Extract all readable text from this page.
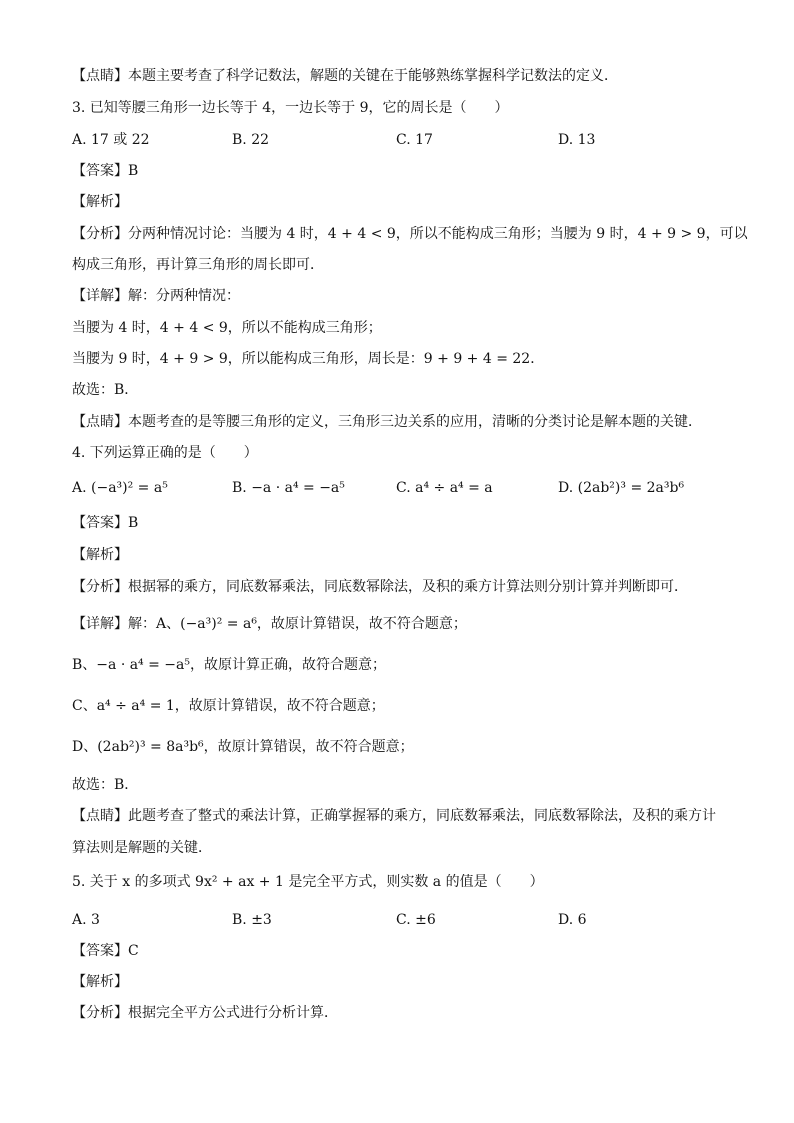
【点睛】本题主要考查了科学记数法，解题的关键在于能够熟练掌握科学记数法的定义．
3. 已知等腰三角形一边长等于 4，一边长等于 9，它的周长是（　　）
A. 17 或 22	B. 22	C. 17	D. 13
【答案】B
【解析】
【分析】分两种情况讨论：当腰为 4 时，4 + 4 < 9，所以不能构成三角形；当腰为 9 时，4 + 9 > 9，可以
构成三角形，再计算三角形的周长即可．
【详解】解：分两种情况：
当腰为 4 时，4 + 4 < 9，所以不能构成三角形；
当腰为 9 时，4 + 9 > 9，所以能构成三角形，周长是：9 + 9 + 4 = 22．
故选：B．
【点睛】本题考查的是等腰三角形的定义，三角形三边关系的应用，清晰的分类讨论是解本题的关键．
4. 下列运算正确的是（　　）
A. (−a³)² = a⁵	B. −a · a⁴ = −a⁵	C. a⁴ ÷ a⁴ = a	D. (2ab²)³ = 2a³b⁶
【答案】B
【解析】
【分析】根据幂的乘方，同底数幂乘法，同底数幂除法，及积的乘方计算法则分别计算并判断即可．
【详解】解：A、(−a³)² = a⁶，故原计算错误，故不符合题意；
B、−a · a⁴ = −a⁵，故原计算正确，故符合题意；
C、a⁴ ÷ a⁴ = 1，故原计算错误，故不符合题意；
D、(2ab²)³ = 8a³b⁶，故原计算错误，故不符合题意；
故选：B．
【点睛】此题考查了整式的乘法计算，正确掌握幂的乘方，同底数幂乘法，同底数幂除法，及积的乘方计
算法则是解题的关键．
5. 关于 x 的多项式 9x² + ax + 1 是完全平方式，则实数 a 的值是（　　）
A. 3	B. ±3	C. ±6	D. 6
【答案】C
【解析】
【分析】根据完全平方公式进行分析计算．
